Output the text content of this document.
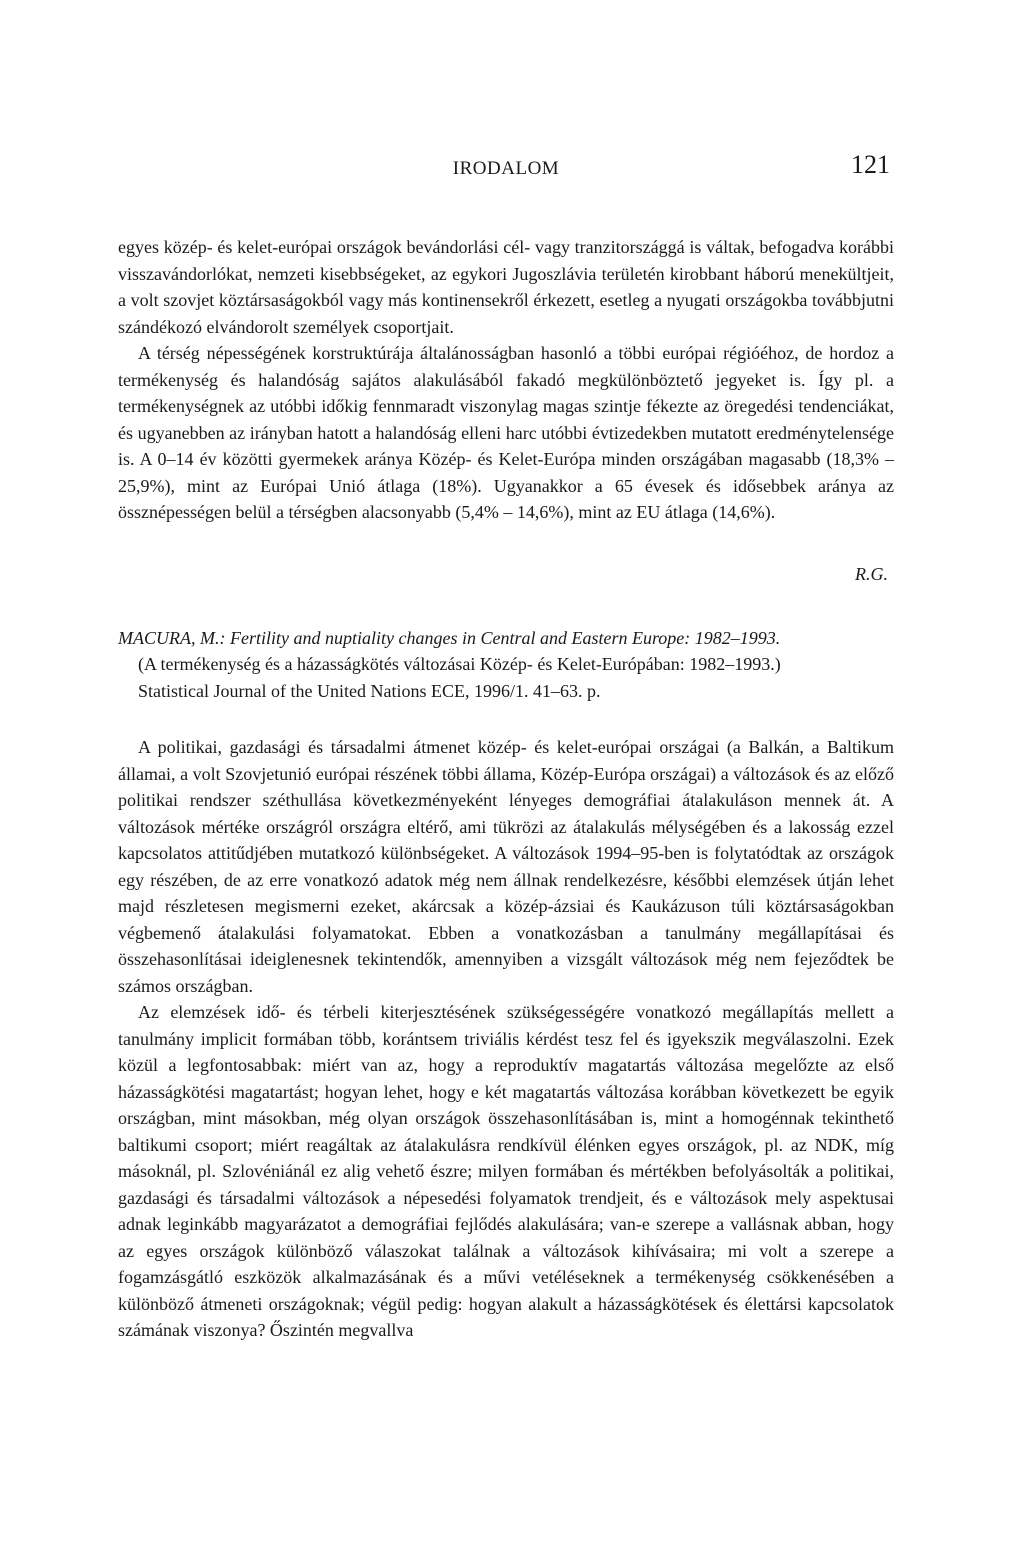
IRODALOM	121

egyes közép- és kelet-európai országok bevándorlási cél- vagy tranzitországgá is váltak, befogadva korábbi visszavándorlókat, nemzeti kisebbségeket, az egykori Jugoszlávia területén kirobbant háború menekültjeit, a volt szovjet köztársaságokból vagy más kontinensekről érkezett, esetleg a nyugati országokba továbbjutni szándékozó elvándorolt személyek csoportjait.

A térség népességének korstruktúrája általánosságban hasonló a többi európai régióéhoz, de hordoz a termékenység és halandóság sajátos alakulásából fakadó megkülönböztető jegyeket is. Így pl. a termékenységnek az utóbbi időkig fennmaradt viszonylag magas szintje fékezte az öregedési tendenciákat, és ugyanebben az irányban hatott a halandóság elleni harc utóbbi évtizedekben mutatott eredménytelensége is. A 0–14 év közötti gyermekek aránya Közép- és Kelet-Európa minden országában magasabb (18,3% – 25,9%), mint az Európai Unió átlaga (18%). Ugyanakkor a 65 évesek és idősebbek aránya az össznépességen belül a térségben alacsonyabb (5,4% – 14,6%), mint az EU átlaga (14,6%).

R.G.
MACURA, M.: Fertility and nuptiality changes in Central and Eastern Europe: 1982–1993.
(A termékenység és a házasságkötés változásai Közép- és Kelet-Európában: 1982–1993.)
Statistical Journal of the United Nations ECE, 1996/1. 41–63. p.

A politikai, gazdasági és társadalmi átmenet közép- és kelet-európai országai (a Balkán, a Baltikum államai, a volt Szovjetunió európai részének többi állama, Közép-Európa országai) a változások és az előző politikai rendszer széthullása következményeként lényeges demográfiai átalakuláson mennek át. A változások mértéke országról országra eltérő, ami tükrözi az átalakulás mélységében és a lakosság ezzel kapcsolatos attitűdjében mutatkozó különbségeket. A változások 1994–95-ben is folytatódtak az országok egy részében, de az erre vonatkozó adatok még nem állnak rendelkezésre, későbbi elemzések útján lehet majd részletesen megismerni ezeket, akárcsak a közép-ázsiai és Kaukázuson túli köztársaságokban végbemenő átalakulási folyamatokat. Ebben a vonatkozásban a tanulmány megállapításai és összehasonlításai ideiglenesnek tekintendők, amennyiben a vizsgált változások még nem fejeződtek be számos országban.

Az elemzések idő- és térbeli kiterjesztésének szükségességére vonatkozó megállapítás mellett a tanulmány implicit formában több, korántsem triviális kérdést tesz fel és igyekszik megválaszolni. Ezek közül a legfontosabbak: miért van az, hogy a reproduktív magatartás változása megelőzte az első házasságkötési magatartást; hogyan lehet, hogy e két magatartás változása korábban következett be egyik országban, mint másokban, még olyan országok összehasonlításában is, mint a homogénnak tekinthető baltikumi csoport; miért reagáltak az átalakulásra rendkívül élénken egyes országok, pl. az NDK, míg másoknál, pl. Szlovéniánál ez alig vehető észre; milyen formában és mértékben befolyásolták a politikai, gazdasági és társadalmi változások a népesedési folyamatok trendjeit, és e változások mely aspektusai adnak leginkább magyarázatot a demográfiai fejlődés alakulására; van-e szerepe a vallásnak abban, hogy az egyes országok különböző válaszokat találnak a változások kihívásaira; mi volt a szerepe a fogamzásgátló eszközök alkalmazásának és a művi vetéléseknek a termékenység csökkenésében a különböző átmeneti országoknak; végül pedig: hogyan alakult a házasságkötések és élettársi kapcsolatok számának viszonya? Őszintén megvallva
